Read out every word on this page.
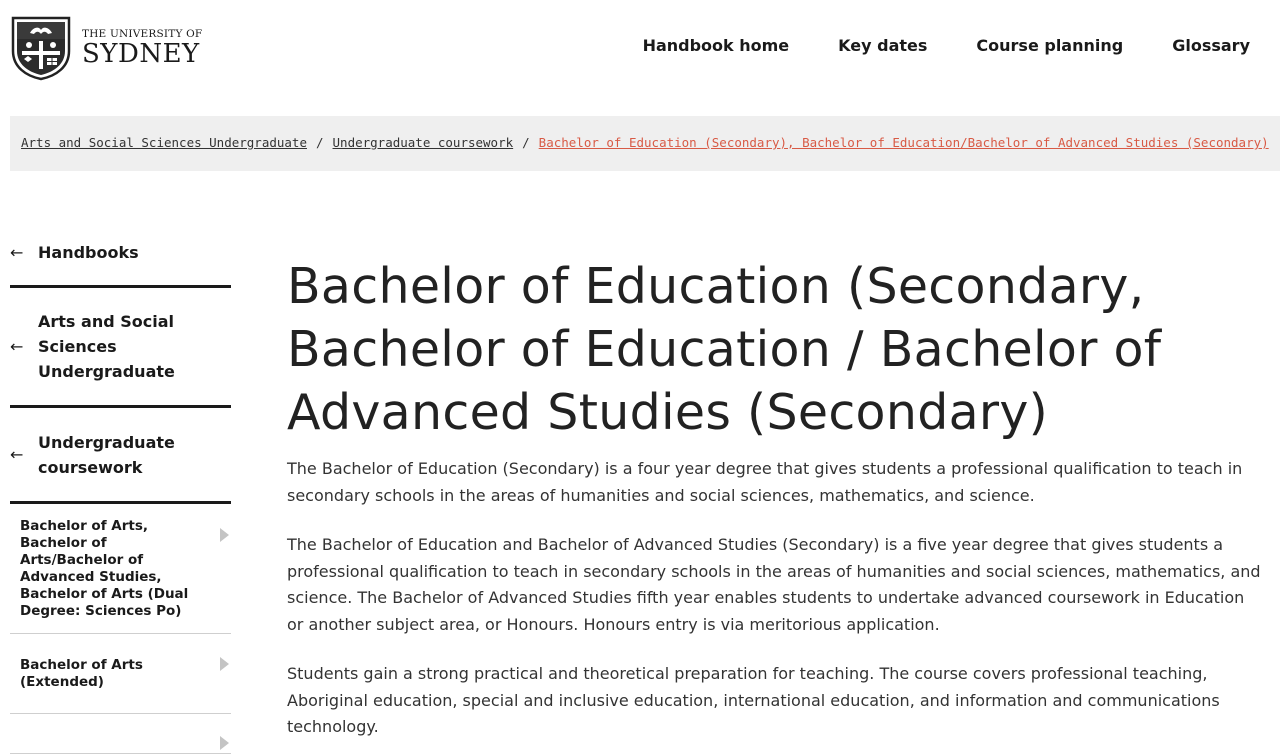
THE UNIVERSITY OF
SYDNEY	Handbook home	Key dates	Course planning	Glossary
Arts and Social Sciences Undergraduate / Undergraduate coursework / Bachelor of Education (Secondary), Bachelor of Education/Bachelor of Advanced Studies (Secondary)
← Handbooks
←
Arts and Social Sciences Undergraduate
←
Undergraduate coursework
Bachelor of Arts, Bachelor of Arts/Bachelor of Advanced Studies, Bachelor of Arts (Dual Degree: Sciences Po)
Bachelor of Arts (Extended)
Bachelor of Education (Secondary, Bachelor of Education / Bachelor of Advanced Studies (Secondary)

The Bachelor of Education (Secondary) is a four year degree that gives students a professional qualification to teach in secondary schools in the areas of humanities and social sciences, mathematics, and science.

The Bachelor of Education and Bachelor of Advanced Studies (Secondary) is a five year degree that gives students a professional qualification to teach in secondary schools in the areas of humanities and social sciences, mathematics, and science. The Bachelor of Advanced Studies fifth year enables students to undertake advanced coursework in Education or another subject area, or Honours. Honours entry is via meritorious application.

Students gain a strong practical and theoretical preparation for teaching. The course covers professional teaching, Aboriginal education, special and inclusive education, international education, and information and communications technology.
